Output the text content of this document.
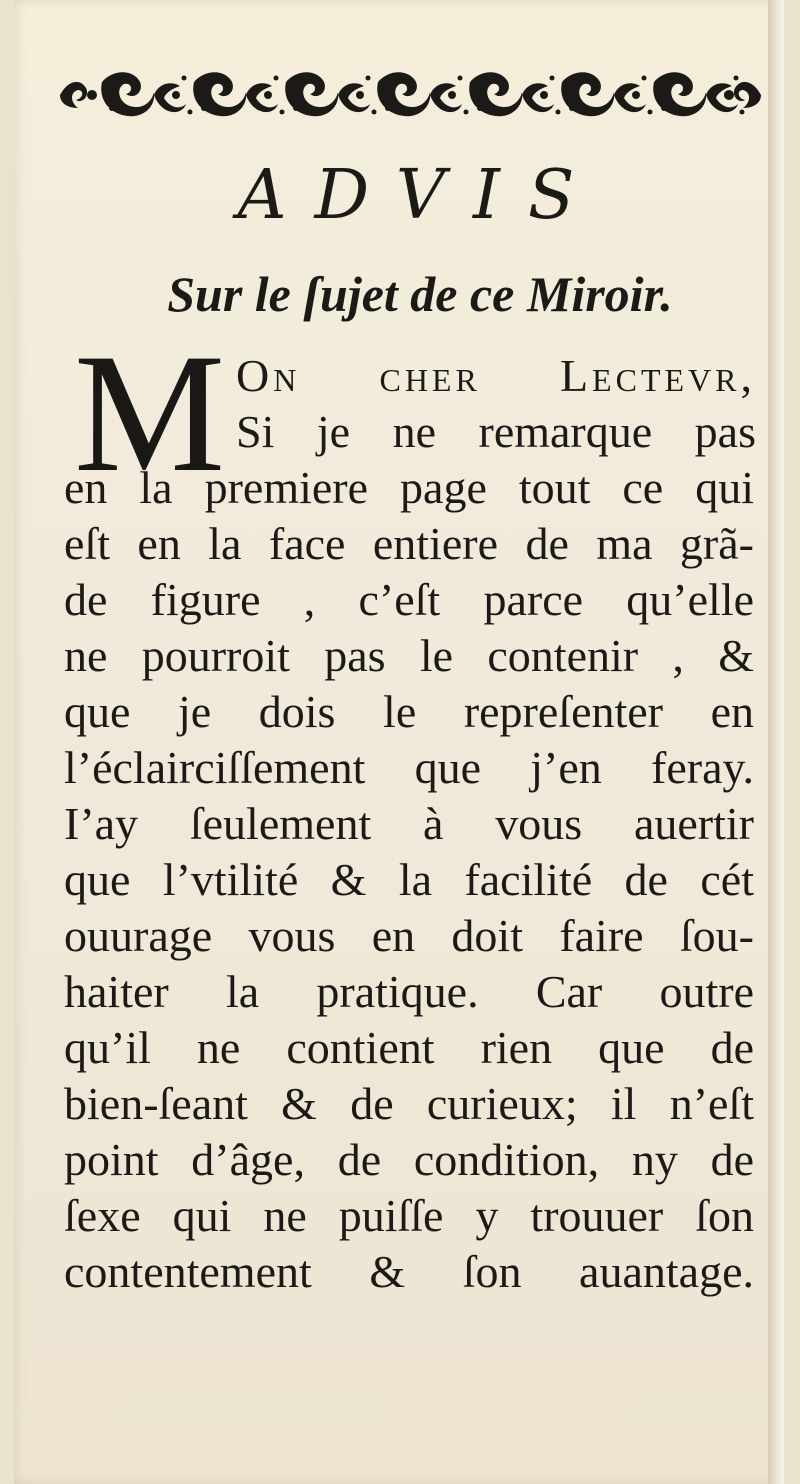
ADVIS
Sur le ſujet de ce Miroir.
M On cher Lectevr,
Si je ne remarque pas
en la premiere page tout ce qui
eſt en la face entiere de ma grã-
de figure , c’eſt parce qu’elle
ne pourroit pas le contenir , &
que je dois le repreſenter en
l’éclairciſſement que j’en feray.
I’ay ſeulement à vous auertir
que l’vtilité & la facilité de cét
ouurage vous en doit faire ſou-
haiter la pratique. Car outre
qu’il ne contient rien que de
bien-ſeant & de curieux; il n’eſt
point d’âge, de condition, ny de
ſexe qui ne puiſſe y trouuer ſon
contentement & ſon auantage.
